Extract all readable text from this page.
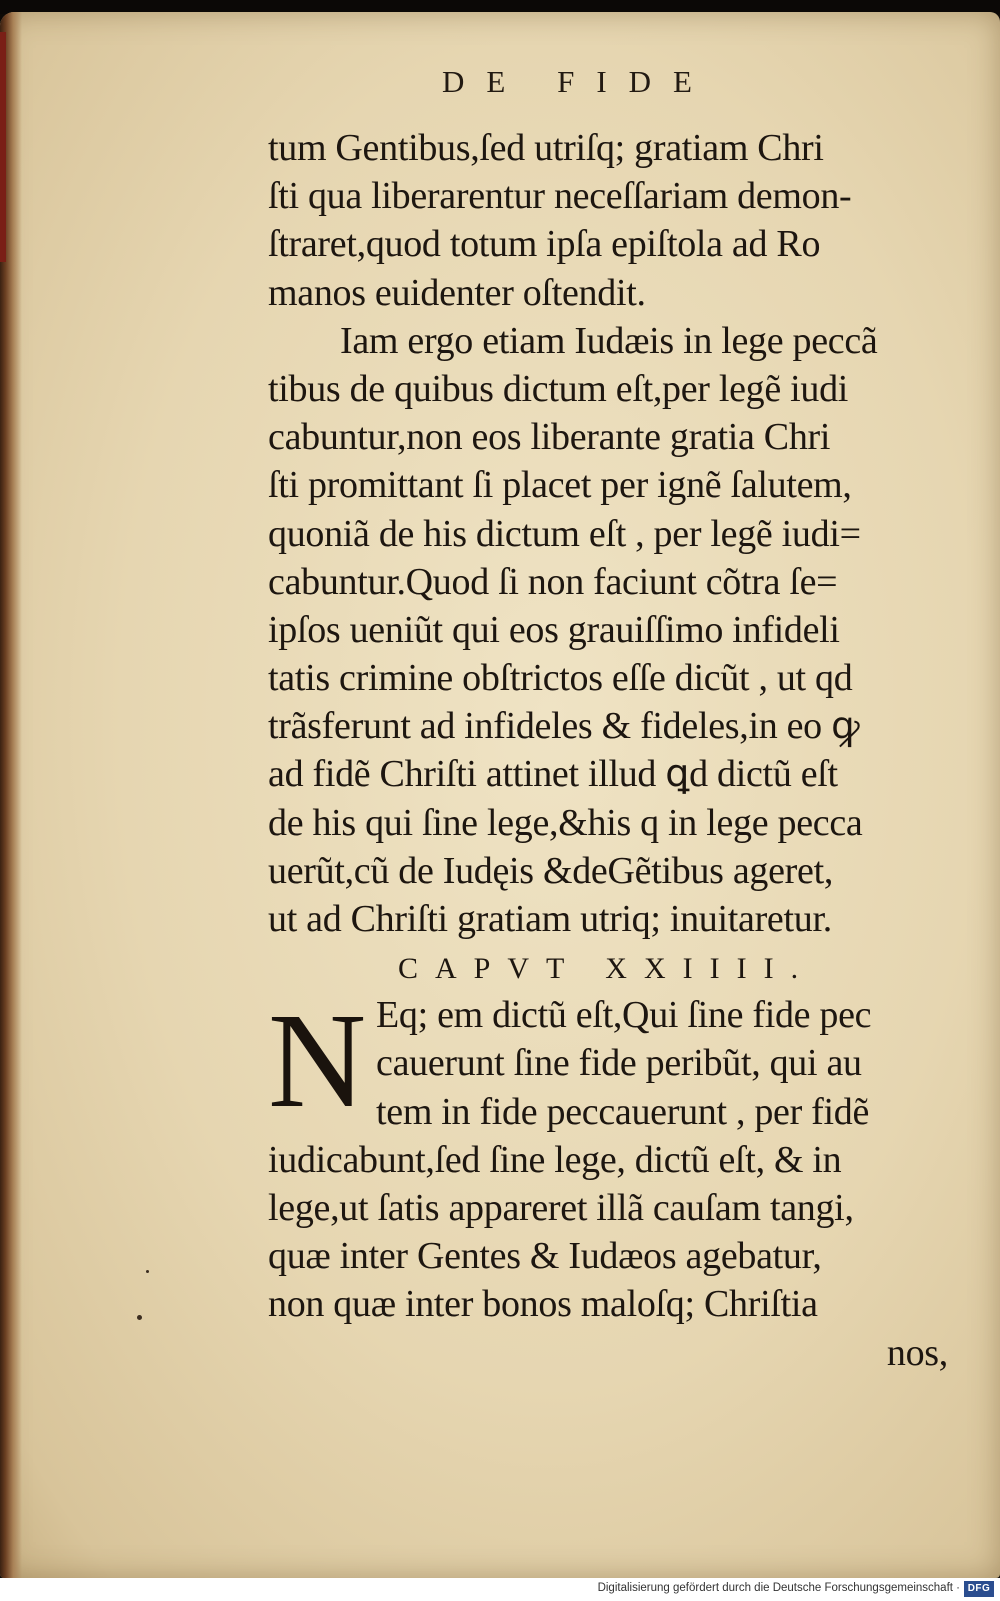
DE FIDE
tum Gentibus,ſed utriſq; gratiam Chri
ſti qua liberarentur neceſſariam demon-
ſtraret,quod totum ipſa epiſtola ad Ro
manos euidenter oſtendit.
Iam ergo etiam Iudæis in lege peccã
tibus de quibus dictum eſt,per legẽ iudi
cabuntur,non eos liberante gratia Chri
ſti promittant ſi placet per ignẽ ſalutem,
quoniã de his dictum eſt , per legẽ iudi=
cabuntur.Quod ſi non faciunt cõtra ſe=
ipſos ueniũt qui eos grauiſſimo infideli
tatis crimine obſtrictos eſſe dicũt , ut qd
trãsferunt ad infideles & fideles,in eo ꝙ
ad fidẽ Chriſti attinet illud ꝗd dictũ eſt
de his qui ſine lege,&his q in lege pecca
uerũt,cũ de Iudęis &deGẽtibus ageret,
ut ad Chriſti gratiam utriq; inuitaretur.
CAPVT XXIIII.
N Eq; em dictũ eſt,Qui ſine fide pec
cauerunt ſine fide peribũt, qui au
tem in fide peccauerunt , per fidẽ
iudicabunt,ſed ſine lege, dictũ eſt, & in
lege,ut ſatis appareret illã cauſam tangi,
quæ inter Gentes & Iudæos agebatur,
non quæ inter bonos maloſq; Chriſtia
nos,
Digitalisierung gefördert durch die Deutsche Forschungsgemeinschaft · DFG
